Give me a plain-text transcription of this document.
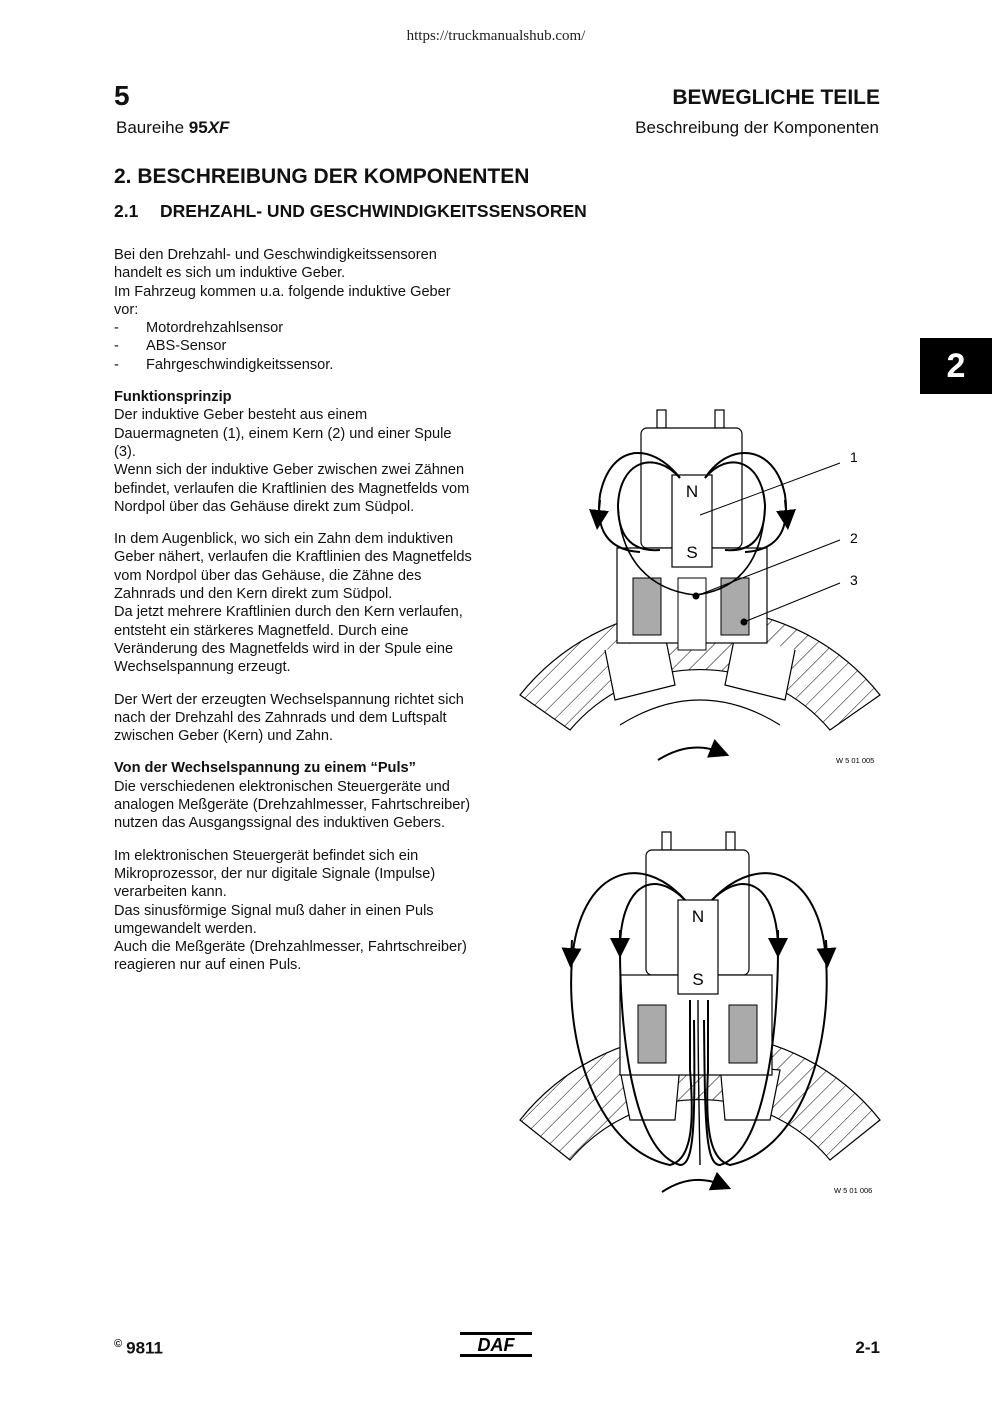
https://truckmanualshub.com/
5	BEWEGLICHE TEILE
Baureihe 95XF	Beschreibung der Komponenten
2. BESCHREIBUNG DER KOMPONENTEN
2.1 DREHZAHL- UND GESCHWINDIGKEITSSENSOREN
2
Bei den Drehzahl- und Geschwindigkeitssensoren handelt es sich um induktive Geber.
Im Fahrzeug kommen u.a. folgende induktive Geber vor:
- Motordrehzahlsensor
- ABS-Sensor
- Fahrgeschwindigkeitssensor.

Funktionsprinzip
Der induktive Geber besteht aus einem Dauermagneten (1), einem Kern (2) und einer Spule (3).
Wenn sich der induktive Geber zwischen zwei Zähnen befindet, verlaufen die Kraftlinien des Magnetfelds vom Nordpol über das Gehäuse direkt zum Südpol.

In dem Augenblick, wo sich ein Zahn dem induktiven Geber nähert, verlaufen die Kraftlinien des Magnetfelds vom Nordpol über das Gehäuse, die Zähne des Zahnrads und den Kern direkt zum Südpol.
Da jetzt mehrere Kraftlinien durch den Kern verlaufen, entsteht ein stärkeres Magnetfeld. Durch eine Veränderung des Magnetfelds wird in der Spule eine Wechselspannung erzeugt.

Der Wert der erzeugten Wechselspannung richtet sich nach der Drehzahl des Zahnrads und dem Luftspalt zwischen Geber (Kern) und Zahn.

Von der Wechselspannung zu einem “Puls”
Die verschiedenen elektronischen Steuergeräte und analogen Meßgeräte (Drehzahlmesser, Fahrtschreiber) nutzen das Ausgangssignal des induktiven Gebers.

Im elektronischen Steuergerät befindet sich ein Mikroprozessor, der nur digitale Signale (Impulse) verarbeiten kann.
Das sinusförmige Signal muß daher in einen Puls umgewandelt werden.
Auch die Meßgeräte (Drehzahlmesser, Fahrtschreiber) reagieren nur auf einen Puls.

N
S
1
2
3
W 5 01 005
N
S
W 5 01 006
© 9811	DAF	2-1
